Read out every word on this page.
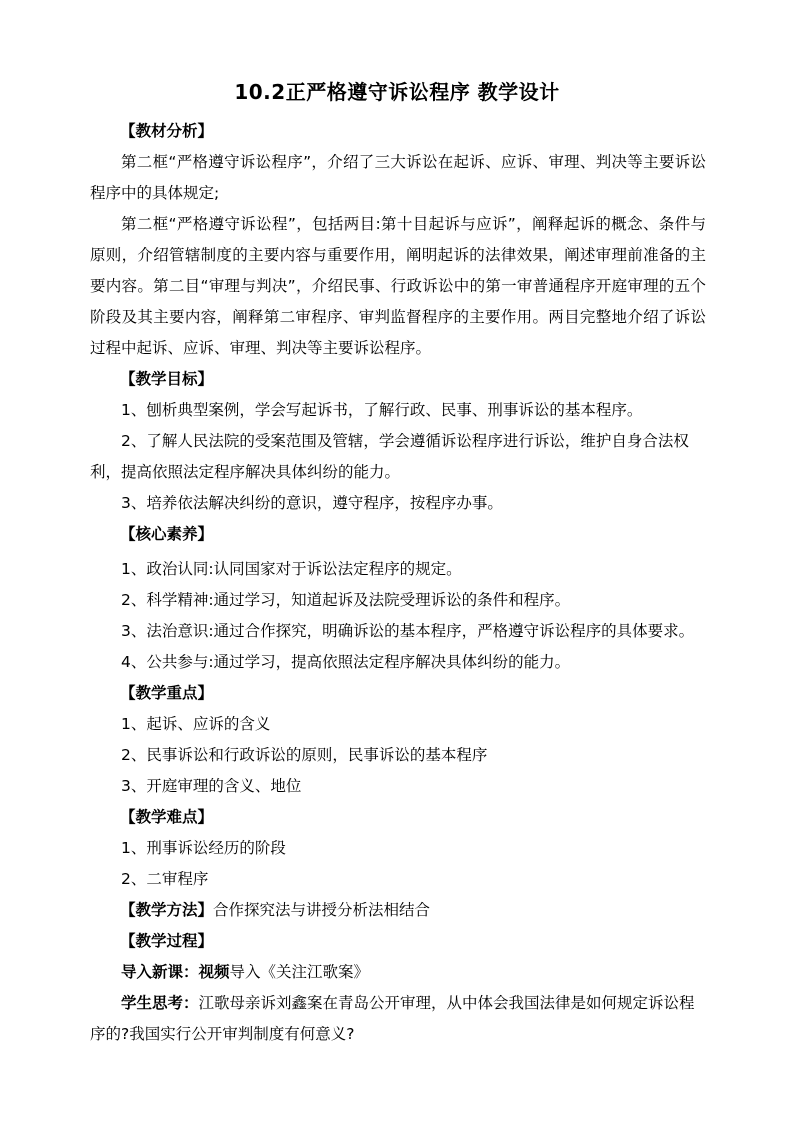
10.2正严格遵守诉讼程序 教学设计
【教材分析】
第二框“严格遵守诉讼程序”，介绍了三大诉讼在起诉、应诉、审理、判决等主要诉讼程序中的具体规定;
第二框“严格遵守诉讼程”，包括两目:第十目起诉与应诉”，阐释起诉的概念、条件与原则，介绍管辖制度的主要内容与重要作用，阐明起诉的法律效果，阐述审理前准备的主要内容。第二目“审理与判决”，介绍民事、行政诉讼中的第一审普通程序开庭审理的五个阶段及其主要内容，阐释第二审程序、审判监督程序的主要作用。两目完整地介绍了诉讼过程中起诉、应诉、审理、判决等主要诉讼程序。
【教学目标】
1、刨析典型案例，学会写起诉书，了解行政、民事、刑事诉讼的基本程序。
2、了解人民法院的受案范围及管辖，学会遵循诉讼程序进行诉讼，维护自身合法权利，提高依照法定程序解决具体纠纷的能力。
3、培养依法解决纠纷的意识，遵守程序，按程序办事。
【核心素养】
1、政治认同:认同国家对于诉讼法定程序的规定。
2、科学精神:通过学习，知道起诉及法院受理诉讼的条件和程序。
3、法治意识:通过合作探究，明确诉讼的基本程序，严格遵守诉讼程序的具体要求。
4、公共参与:通过学习，提高依照法定程序解决具体纠纷的能力。
【教学重点】
1、起诉、应诉的含义
2、民事诉讼和行政诉讼的原则，民事诉讼的基本程序
3、开庭审理的含义、地位
【教学难点】
1、刑事诉讼经历的阶段
2、二审程序
【教学方法】合作探究法与讲授分析法相结合
【教学过程】
导入新课：视频导入《关注江歌案》
学生思考：江歌母亲诉刘鑫案在青岛公开审理，从中体会我国法律是如何规定诉讼程序的?我国实行公开审判制度有何意义?
